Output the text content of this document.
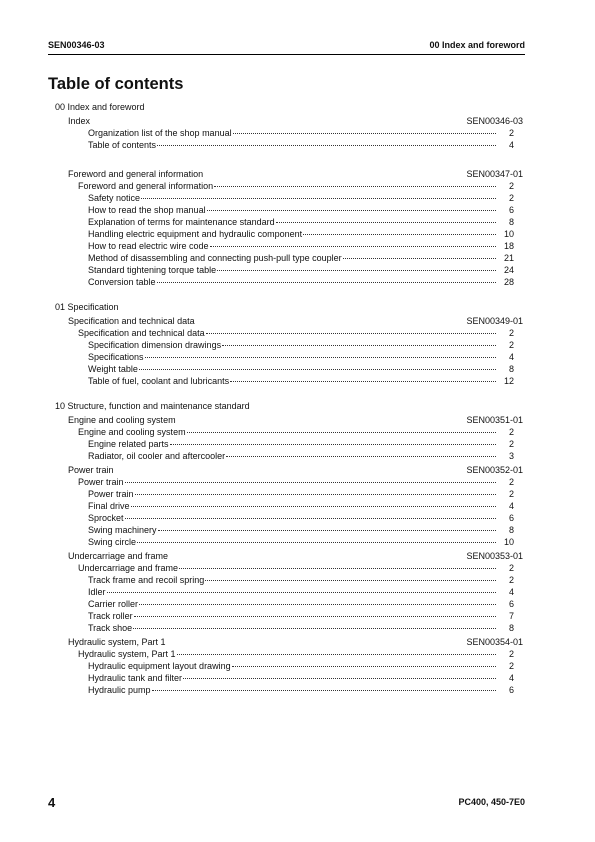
SEN00346-03	00 Index and foreword
Table of contents
00 Index and foreword
Index	SEN00346-03
Organization list of the shop manual	2
Table of contents	4
Foreword and general information	SEN00347-01
Foreword and general information	2
Safety notice	2
How to read the shop manual	6
Explanation of terms for maintenance standard	8
Handling electric equipment and hydraulic component	10
How to read electric wire code	18
Method of disassembling and connecting push-pull type coupler	21
Standard tightening torque table	24
Conversion table	28
01 Specification
Specification and technical data	SEN00349-01
Specification and technical data	2
Specification dimension drawings	2
Specifications	4
Weight table	8
Table of fuel, coolant and lubricants	12
10 Structure, function and maintenance standard
Engine and cooling system	SEN00351-01
Engine and cooling system	2
Engine related parts	2
Radiator, oil cooler and aftercooler	3
Power train	SEN00352-01
Power train	2
Power train	2
Final drive	4
Sprocket	6
Swing machinery	8
Swing circle	10
Undercarriage and frame	SEN00353-01
Undercarriage and frame	2
Track frame and recoil spring	2
Idler	4
Carrier roller	6
Track roller	7
Track shoe	8
Hydraulic system, Part 1	SEN00354-01
Hydraulic system, Part 1	2
Hydraulic equipment layout drawing	2
Hydraulic tank and filter	4
Hydraulic pump	6
4	PC400, 450-7E0
